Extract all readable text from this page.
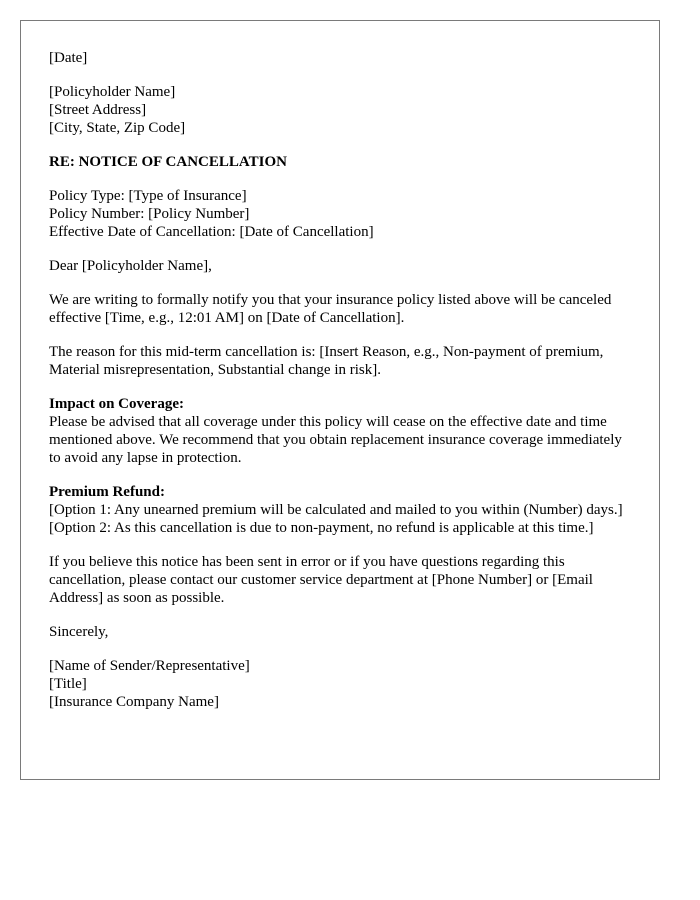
[Date]
[Policyholder Name]
[Street Address]
[City, State, Zip Code]
RE: NOTICE OF CANCELLATION
Policy Type: [Type of Insurance]
Policy Number: [Policy Number]
Effective Date of Cancellation: [Date of Cancellation]
Dear [Policyholder Name],
We are writing to formally notify you that your insurance policy listed above will be canceled effective [Time, e.g., 12:01 AM] on [Date of Cancellation].
The reason for this mid-term cancellation is: [Insert Reason, e.g., Non-payment of premium, Material misrepresentation, Substantial change in risk].
Impact on Coverage:
Please be advised that all coverage under this policy will cease on the effective date and time mentioned above. We recommend that you obtain replacement insurance coverage immediately to avoid any lapse in protection.
Premium Refund:
[Option 1: Any unearned premium will be calculated and mailed to you within (Number) days.]
[Option 2: As this cancellation is due to non-payment, no refund is applicable at this time.]
If you believe this notice has been sent in error or if you have questions regarding this cancellation, please contact our customer service department at [Phone Number] or [Email Address] as soon as possible.
Sincerely,
[Name of Sender/Representative]
[Title]
[Insurance Company Name]
